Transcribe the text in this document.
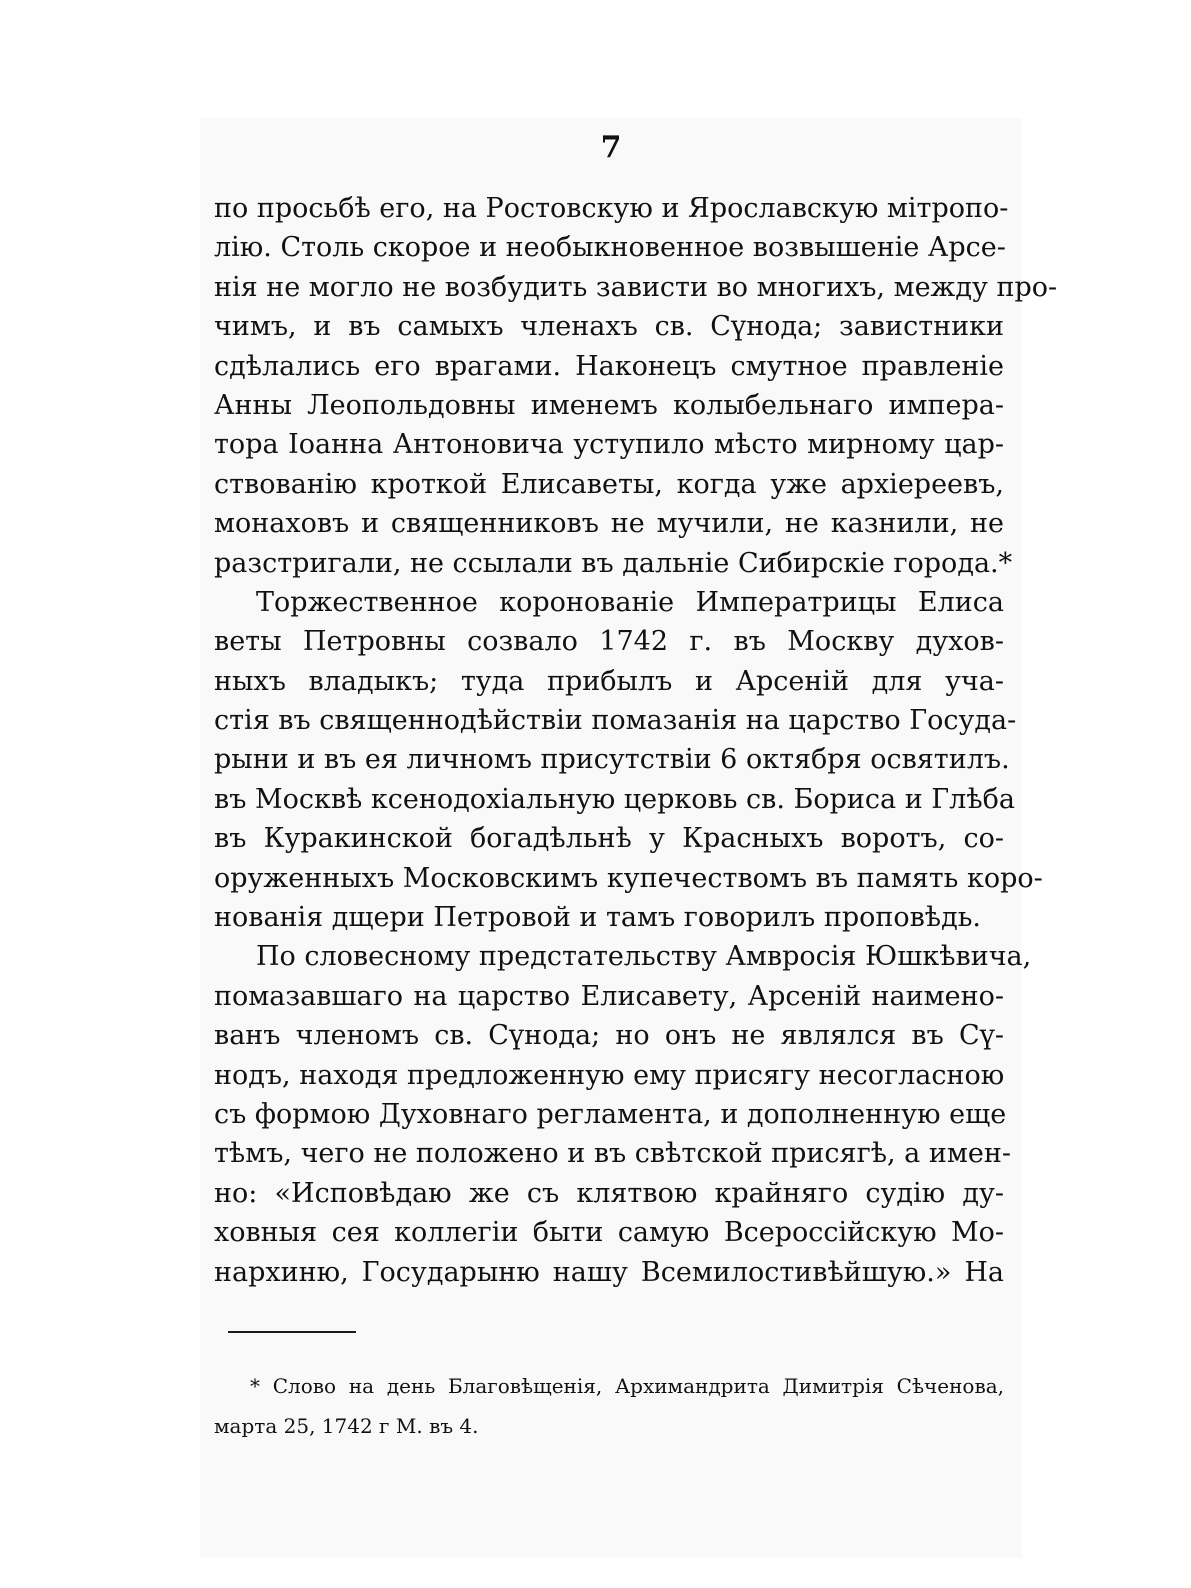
7
по просьбѣ его, на Ростовскую и Ярославскую мітропо-
лію. Столь скорое и необыкновенное возвышеніе Арсе-
нія не могло не возбудить зависти во многихъ, между про-
чимъ, и въ самыхъ членахъ св. Сүнода; завистники
сдѣлались его врагами. Наконецъ смутное правленіе
Анны Леопольдовны именемъ колыбельнаго импера-
тора Іоанна Антоновича уступило мѣсто мирному цар-
ствованію кроткой Елисаветы, когда уже архіереевъ,
монаховъ и священниковъ не мучили, не казнили, не
разстригали, не ссылали въ дальніе Сибирскіе города.*
Торжественное коронованіе Императрицы Елиса
веты Петровны созвало 1742 г. въ Москву духов-
ныхъ владыкъ; туда прибылъ и Арсеній для уча-
стія въ священнодѣйствіи помазанія на царство Госуда-
рыни и въ ея личномъ присутствіи 6 октября освятилъ.
въ Москвѣ ксенодохіальную церковь св. Бориса и Глѣба
въ Куракинской богадѣльнѣ у Красныхъ воротъ, со-
оруженныхъ Московскимъ купечествомъ въ память коро-
нованія дщери Петровой и тамъ говорилъ проповѣдь.
По словесному предстательству Амвросія Юшкѣвича,
помазавшаго на царство Елисавету, Арсеній наимено-
ванъ членомъ св. Сүнода; но онъ не являлся въ Сү-
нодъ, находя предложенную ему присягу несогласною
съ формою Духовнаго регламента, и дополненную еще
тѣмъ, чего не положено и въ свѣтской присягѣ, а имен-
но: «Исповѣдаю же съ клятвою крайняго судію ду-
ховныя сея коллегіи быти самую Всероссійскую Мо-
нархиню, Государыню нашу Всемилостивѣйшую.» На
* Слово на день Благовѣщенія, Архимандрита Димитрія Сѣченова,
марта 25, 1742 г М. въ 4.
